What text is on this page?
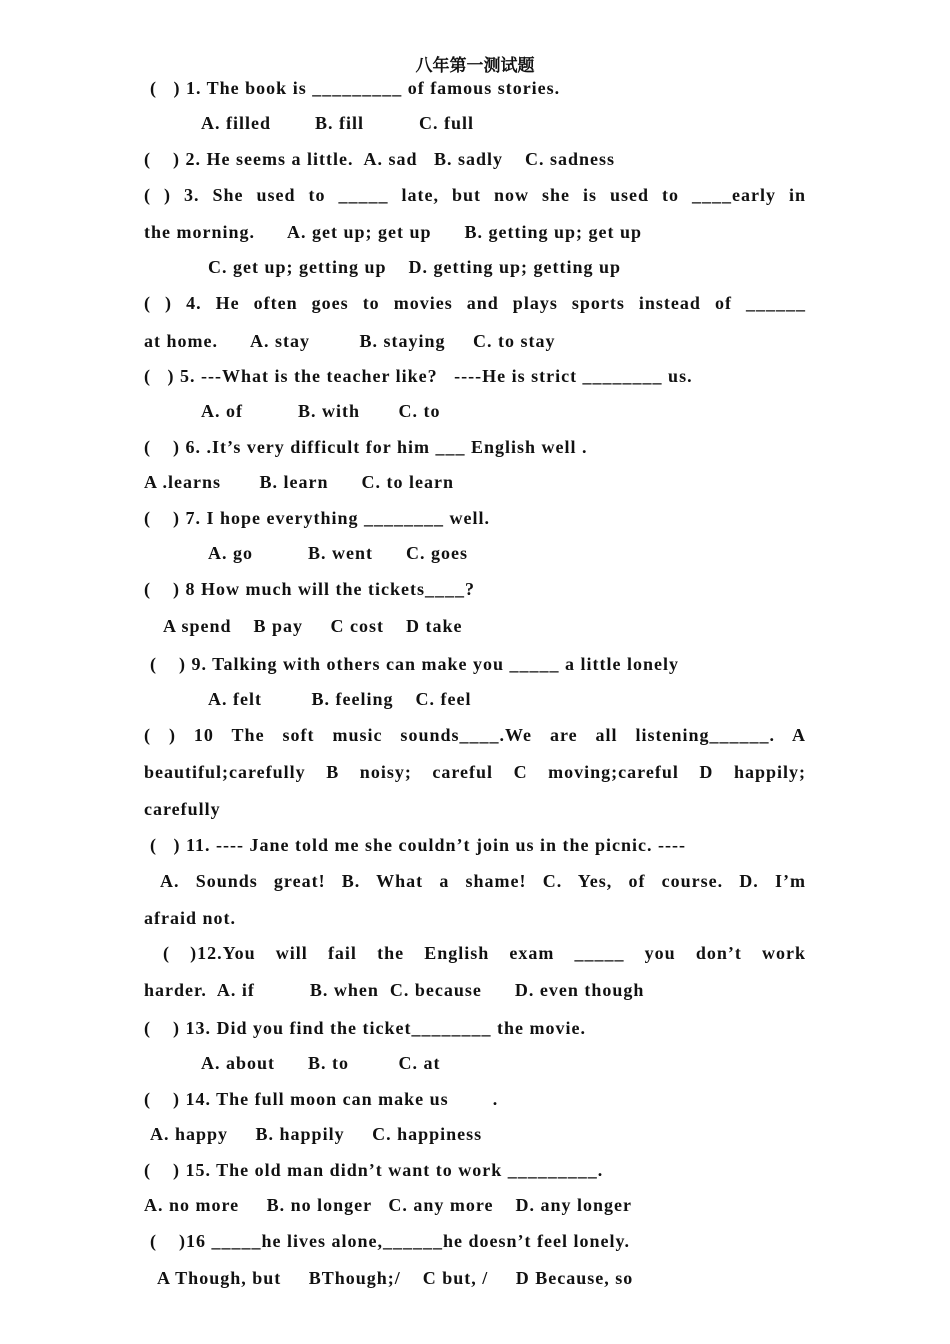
八年第一测试题
(   ) 1. The book is _________ of famous stories.
A. filled        B. fill          C. full
(    ) 2. He seems a little.  A. sad   B. sadly    C. sadness
( ) 3. She used to _____ late, but now she is used to ____early in
the morning.      A. get up; get up      B. getting up; get up
C. get up; getting up    D. getting up; getting up
( ) 4. He often goes to movies and plays sports instead of ______
at home.      A. stay         B. staying     C. to stay
(   ) 5. ---What is the teacher like?   ----He is strict ________ us.
A. of          B. with       C. to
(    ) 6. .It’s very difficult for him ___ English well .
A .learns       B. learn      C. to learn
(    ) 7. I hope everything ________ well.
A. go          B. went      C. goes
(    ) 8 How much will the tickets____?
A spend    B pay     C cost    D take
(    ) 9. Talking with others can make you _____ a little lonely
A. felt         B. feeling    C. feel
( ) 10 The soft music sounds____.We are all listening______. A
beautiful;carefully B noisy; careful C moving;careful D happily;
carefully
(   ) 11. ---- Jane told me she couldn’t join us in the picnic. ----
A. Sounds great! B. What a shame! C. Yes, of course. D. I’m
afraid not.
( )12.You will fail the English exam _____ you don’t work
harder.  A. if          B. when  C. because      D. even though
(    ) 13. Did you find the ticket________ the movie.
A. about      B. to         C. at
(    ) 14. The full moon can make us        .
A. happy     B. happily     C. happiness
(    ) 15. The old man didn’t want to work _________.
A. no more     B. no longer   C. any more    D. any longer
(    )16 _____he lives alone,______he doesn’t feel lonely.
A Though, but     BThough;/    C but, /     D Because, so
